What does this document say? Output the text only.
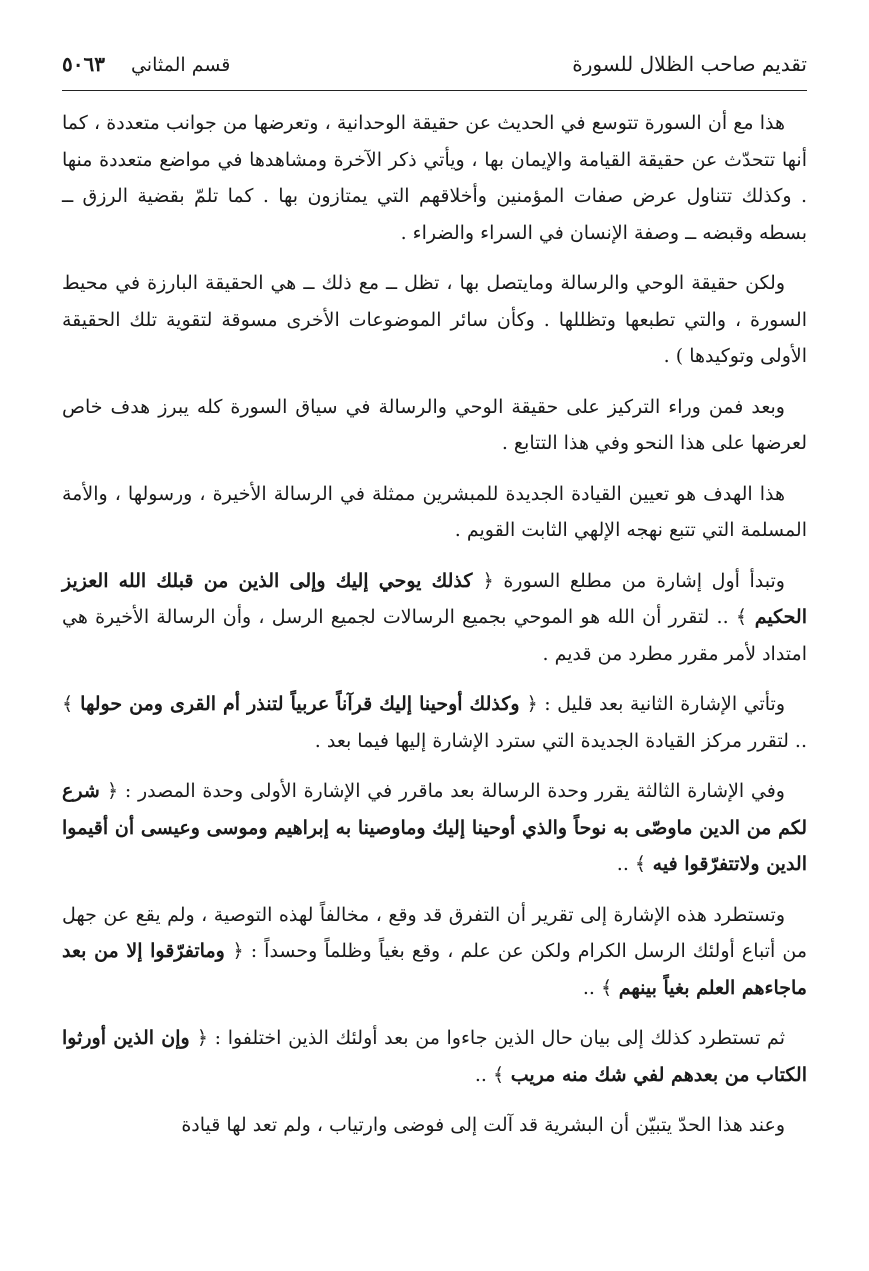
تقديم صاحب الظلال للسورة
قسم المثاني
٥٠٦٣

هذا مع أن السورة تتوسع في الحديث عن حقيقة الوحدانية ، وتعرضها من جوانب متعددة ، كما أنها تتحدّث عن حقيقة القيامة والإيمان بها ، ويأتي ذكر الآخرة ومشاهدها في مواضع متعددة منها . وكذلك تتناول عرض صفات المؤمنين وأخلاقهم التي يمتازون بها . كما تلمّ بقضية الرزق ــ بسطه وقبضه ــ وصفة الإنسان في السراء والضراء .

ولكن حقيقة الوحي والرسالة ومايتصل بها ، تظل ــ مع ذلك ــ هي الحقيقة البارزة في محيط السورة ، والتي تطبعها وتظللها . وكأن سائر الموضوعات الأخرى مسوقة لتقوية تلك الحقيقة الأولى وتوكيدها ) .

وبعد فمن وراء التركيز على حقيقة الوحي والرسالة في سياق السورة كله يبرز هدف خاص لعرضها على هذا النحو وفي هذا التتابع .

هذا الهدف هو تعيين القيادة الجديدة للمبشرين ممثلة في الرسالة الأخيرة ، ورسولها ، والأمة المسلمة التي تتبع نهجه الإلهي الثابت القويم .

وتبدأ أول إشارة من مطلع السورة ﴿ كذلك يوحي إليك وإلى الذين من قبلك الله العزيز الحكيم ﴾ .. لتقرر أن الله هو الموحي بجميع الرسالات لجميع الرسل ، وأن الرسالة الأخيرة هي امتداد لأمر مقرر مطرد من قديم .

وتأتي الإشارة الثانية بعد قليل : ﴿ وكذلك أوحينا إليك قرآناً عربياً لتنذر أم القرى ومن حولها ﴾ .. لتقرر مركز القيادة الجديدة التي سترد الإشارة إليها فيما بعد .

وفي الإشارة الثالثة يقرر وحدة الرسالة بعد ماقرر في الإشارة الأولى وحدة المصدر : ﴿ شرع لكم من الدين ماوصّى به نوحاً والذي أوحينا إليك وماوصينا به إبراهيم وموسى وعيسى أن أقيموا الدين ولاتتفرّقوا فيه ﴾ ..

وتستطرد هذه الإشارة إلى تقرير أن التفرق قد وقع ، مخالفاً لهذه التوصية ، ولم يقع عن جهل من أتباع أولئك الرسل الكرام ولكن عن علم ، وقع بغياً وظلماً وحسداً : ﴿ وماتفرّقوا إلا من بعد ماجاءهم العلم بغياً بينهم ﴾ ..

ثم تستطرد كذلك إلى بيان حال الذين جاءوا من بعد أولئك الذين اختلفوا : ﴿ وإن الذين أورثوا الكتاب من بعدهم لفي شك منه مريب ﴾ ..

وعند هذا الحدّ يتبيّن أن البشرية قد آلت إلى فوضى وارتياب ، ولم تعد لها قيادة
